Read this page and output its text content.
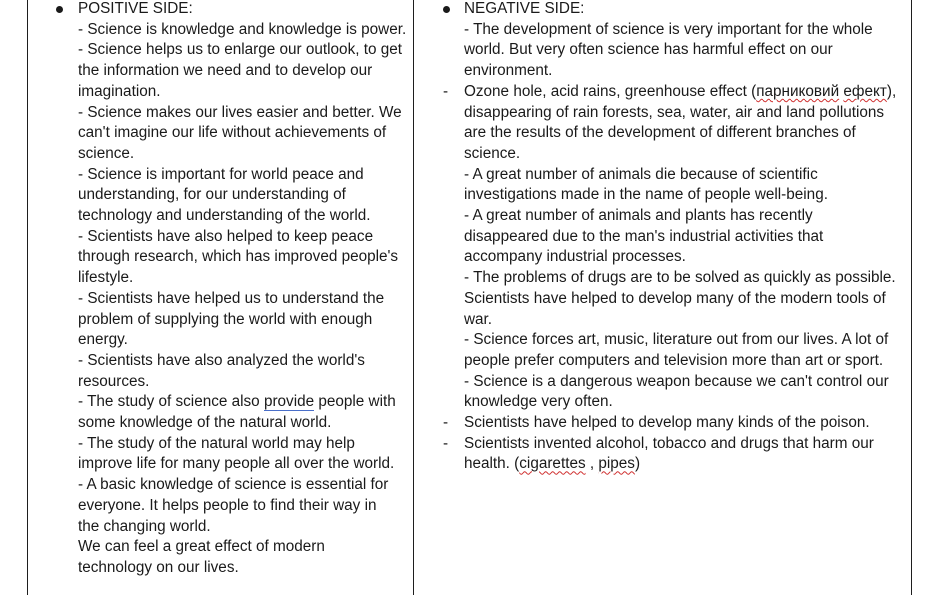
POSITIVE SIDE:
- Science is knowledge and knowledge is power.
- Science helps us to enlarge our outlook, to get
the information we need and to develop our
imagination.
- Science makes our lives easier and better. We
can't imagine our life without achievements of
science.
- Science is important for world peace and
understanding, for our understanding of
technology and understanding of the world.
- Scientists have also helped to keep peace
through research, which has improved people's
lifestyle.
- Scientists have helped us to understand the
problem of supplying the world with enough
energy.
- Scientists have also analyzed the world's
resources.
- The study of science also provide people with
some knowledge of the natural world.
- The study of the natural world may help
improve life for many people all over the world.
- A basic knowledge of science is essential for
everyone. It helps people to find their way in
the changing world.
We can feel a great effect of modern
technology on our lives.
NEGATIVE SIDE:
- The development of science is very important for the whole
world. But very often science has harmful effect on our
environment.
- Ozone hole, acid rains, greenhouse effect (парниковий ефект),
disappearing of rain forests, sea, water, air and land pollutions
are the results of the development of different branches of
science.
- A great number of animals die because of scientific
investigations made in the name of people well-being.
- A great number of animals and plants has recently
disappeared due to the man's industrial activities that
accompany industrial processes.
- The problems of drugs are to be solved as quickly as possible.
Scientists have helped to develop many of the modern tools of
war.
- Science forces art, music, literature out from our lives. A lot of
people prefer computers and television more than art or sport.
- Science is a dangerous weapon because we can't control our
knowledge very often.
- Scientists have helped to develop many kinds of the poison.
- Scientists invented alcohol, tobacco and drugs that harm our
health. (cigarettes , pipes)
